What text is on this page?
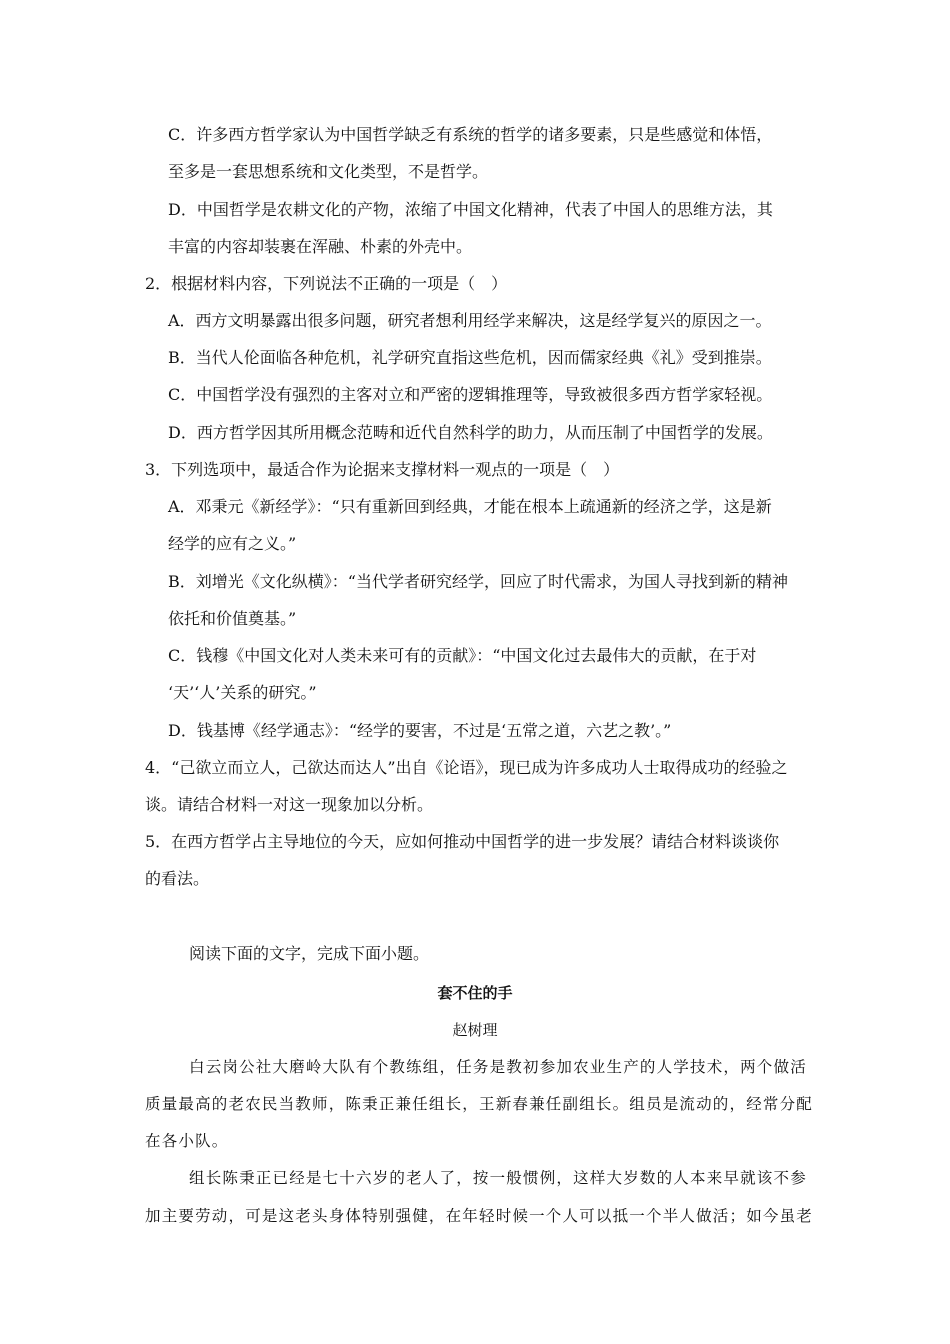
C．许多西方哲学家认为中国哲学缺乏有系统的哲学的诸多要素，只是些感觉和体悟，
至多是一套思想系统和文化类型，不是哲学。
D．中国哲学是农耕文化的产物，浓缩了中国文化精神，代表了中国人的思维方法，其
丰富的内容却装裹在浑融、朴素的外壳中。
2．根据材料内容，下列说法不正确的一项是（　）
A．西方文明暴露出很多问题，研究者想利用经学来解决，这是经学复兴的原因之一。
B．当代人伦面临各种危机，礼学研究直指这些危机，因而儒家经典《礼》受到推崇。
C．中国哲学没有强烈的主客对立和严密的逻辑推理等，导致被很多西方哲学家轻视。
D．西方哲学因其所用概念范畴和近代自然科学的助力，从而压制了中国哲学的发展。
3．下列选项中，最适合作为论据来支撑材料一观点的一项是（　）
A．邓秉元《新经学》：“只有重新回到经典，才能在根本上疏通新的经济之学，这是新
经学的应有之义。”
B．刘增光《文化纵横》：“当代学者研究经学，回应了时代需求，为国人寻找到新的精神
依托和价值奠基。”
C．钱穆《中国文化对人类未来可有的贡献》：“中国文化过去最伟大的贡献，在于对
‘天’‘人’关系的研究。”
D．钱基博《经学通志》：“经学的要害，不过是‘五常之道，六艺之教’。”
4．“己欲立而立人，己欲达而达人”出自《论语》，现已成为许多成功人士取得成功的经验之
谈。请结合材料一对这一现象加以分析。
5．在西方哲学占主导地位的今天，应如何推动中国哲学的进一步发展？请结合材料谈谈你
的看法。
阅读下面的文字，完成下面小题。
套不住的手
赵树理
白云岗公社大磨岭大队有个教练组，任务是教初参加农业生产的人学技术，两个做活
质量最高的老农民当教师，陈秉正兼任组长，王新春兼任副组长。组员是流动的，经常分配
在各小队。
组长陈秉正已经是七十六岁的老人了，按一般惯例，这样大岁数的人本来早就该不参
加主要劳动，可是这老头身体特别强健，在年轻时候一个人可以抵一个半人做活；如今虽老
